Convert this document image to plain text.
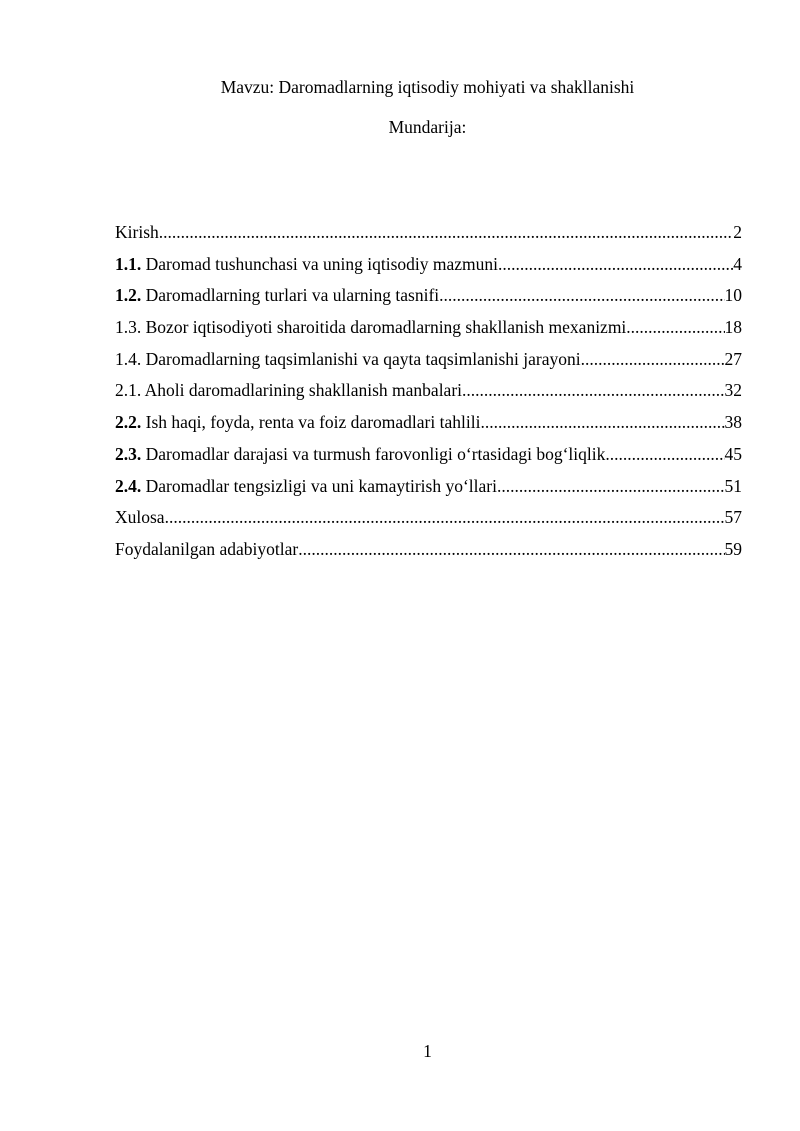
Mavzu: Daromadlarning iqtisodiy mohiyati va shakllanishi
Mundarija:
Kirish .....	2
1.1. Daromad tushunchasi va uning iqtisodiy mazmuni .....	4
1.2. Daromadlarning turlari va ularning tasnifi .....	10
1.3. Bozor iqtisodiyoti sharoitida daromadlarning shakllanish mexanizmi .....	18
1.4. Daromadlarning taqsimlanishi va qayta taqsimlanishi jarayoni .....	27
2.1. Aholi daromadlarining shakllanish manbalari .....	32
2.2. Ish haqi, foyda, renta va foiz daromadlari tahlili .....	38
2.3. Daromadlar darajasi va turmush farovonligi o‘rtasidagi bog‘liqlik .....	45
2.4. Daromadlar tengsizligi va uni kamaytirish yo‘llari .....	51
Xulosa .....	57
Foydalanilgan adabiyotlar .....	59
1
